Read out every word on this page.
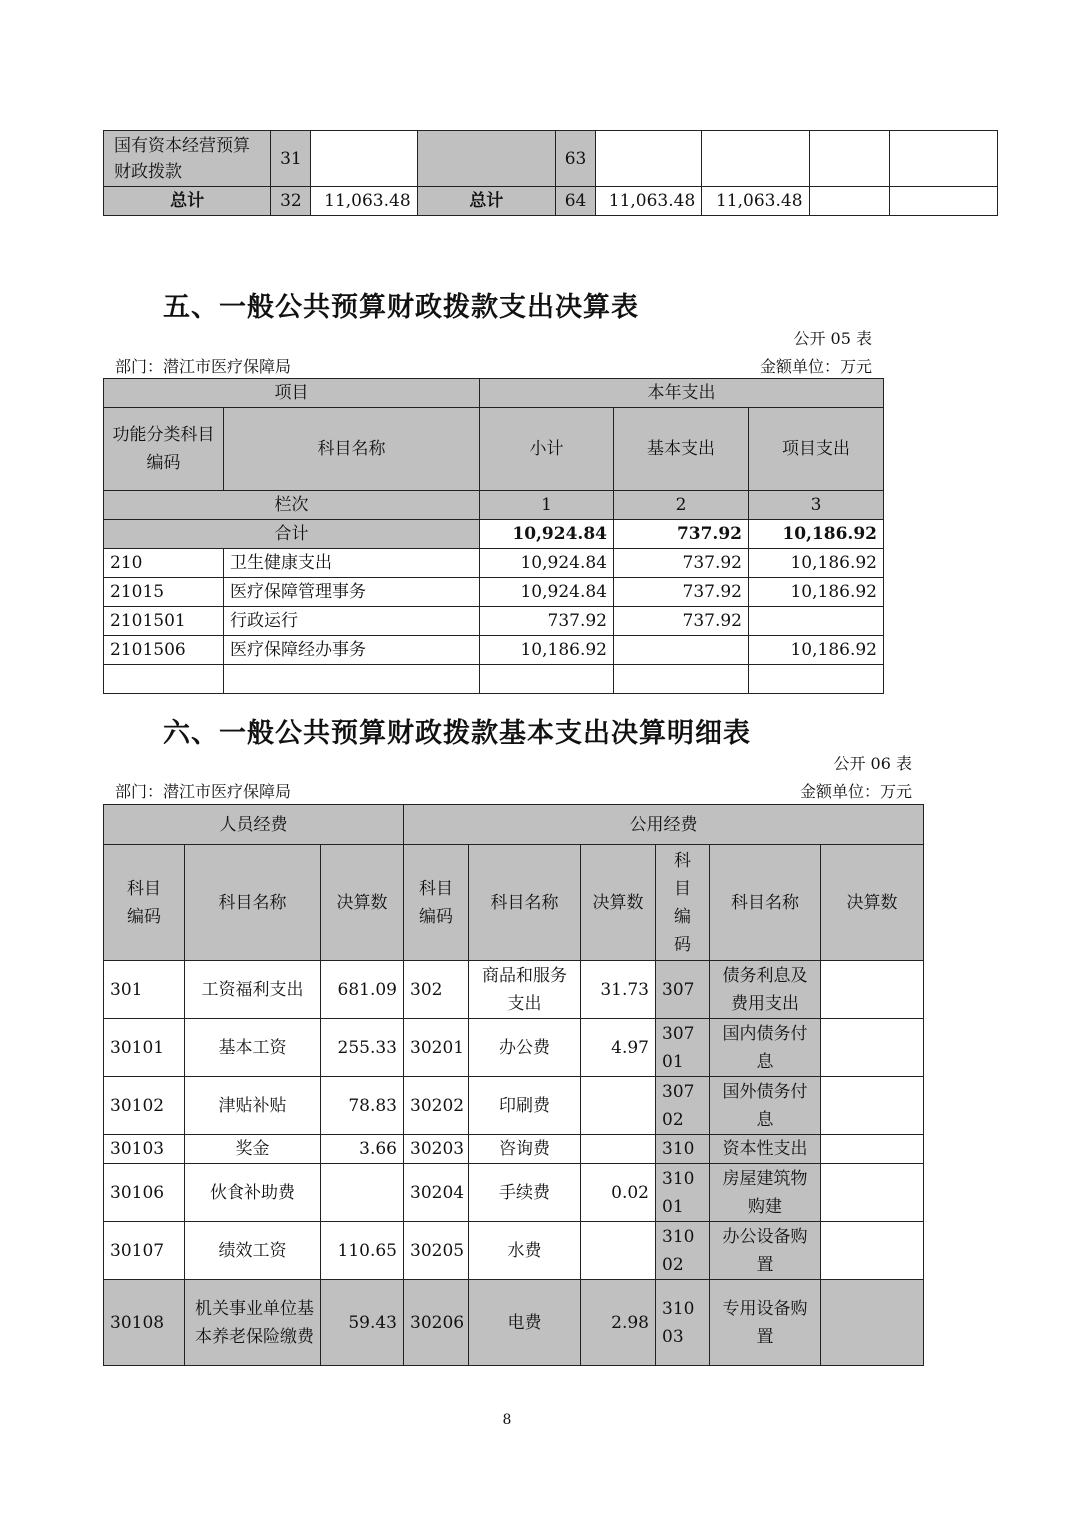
国有资本经营预算财政拨款	31			63				
总计	32	11,063.48	总计	64	11,063.48	11,063.48		
五、一般公共预算财政拨款支出决算表
公开 05 表
部门：潜江市医疗保障局	金额单位：万元
项目		本年支出		
功能分类科目编码	科目名称	小计	基本支出	项目支出
栏次		1	2	3
合计		10,924.84	737.92	10,186.92
210	卫生健康支出	10,924.84	737.92	10,186.92
21015	医疗保障管理事务	10,924.84	737.92	10,186.92
2101501	行政运行	737.92	737.92	
2101506	医疗保障经办事务	10,186.92		10,186.92

六、一般公共预算财政拨款基本支出决算明细表
公开 06 表
部门：潜江市医疗保障局	金额单位：万元
人员经费			公用经费					
科目编码	科目名称	决算数	科目编码	科目名称	决算数	科目编码	科目名称	决算数
301	工资福利支出	681.09	302	商品和服务支出	31.73	307	债务利息及费用支出	
30101	基本工资	255.33	30201	办公费	4.97	30701	国内债务付息	
30102	津贴补贴	78.83	30202	印刷费		30702	国外债务付息	
30103	奖金	3.66	30203	咨询费		310	资本性支出	
30106	伙食补助费		30204	手续费	0.02	31001	房屋建筑物购建	
30107	绩效工资	110.65	30205	水费		31002	办公设备购置	
30108	机关事业单位基本养老保险缴费	59.43	30206	电费	2.98	31003	专用设备购置	
8
